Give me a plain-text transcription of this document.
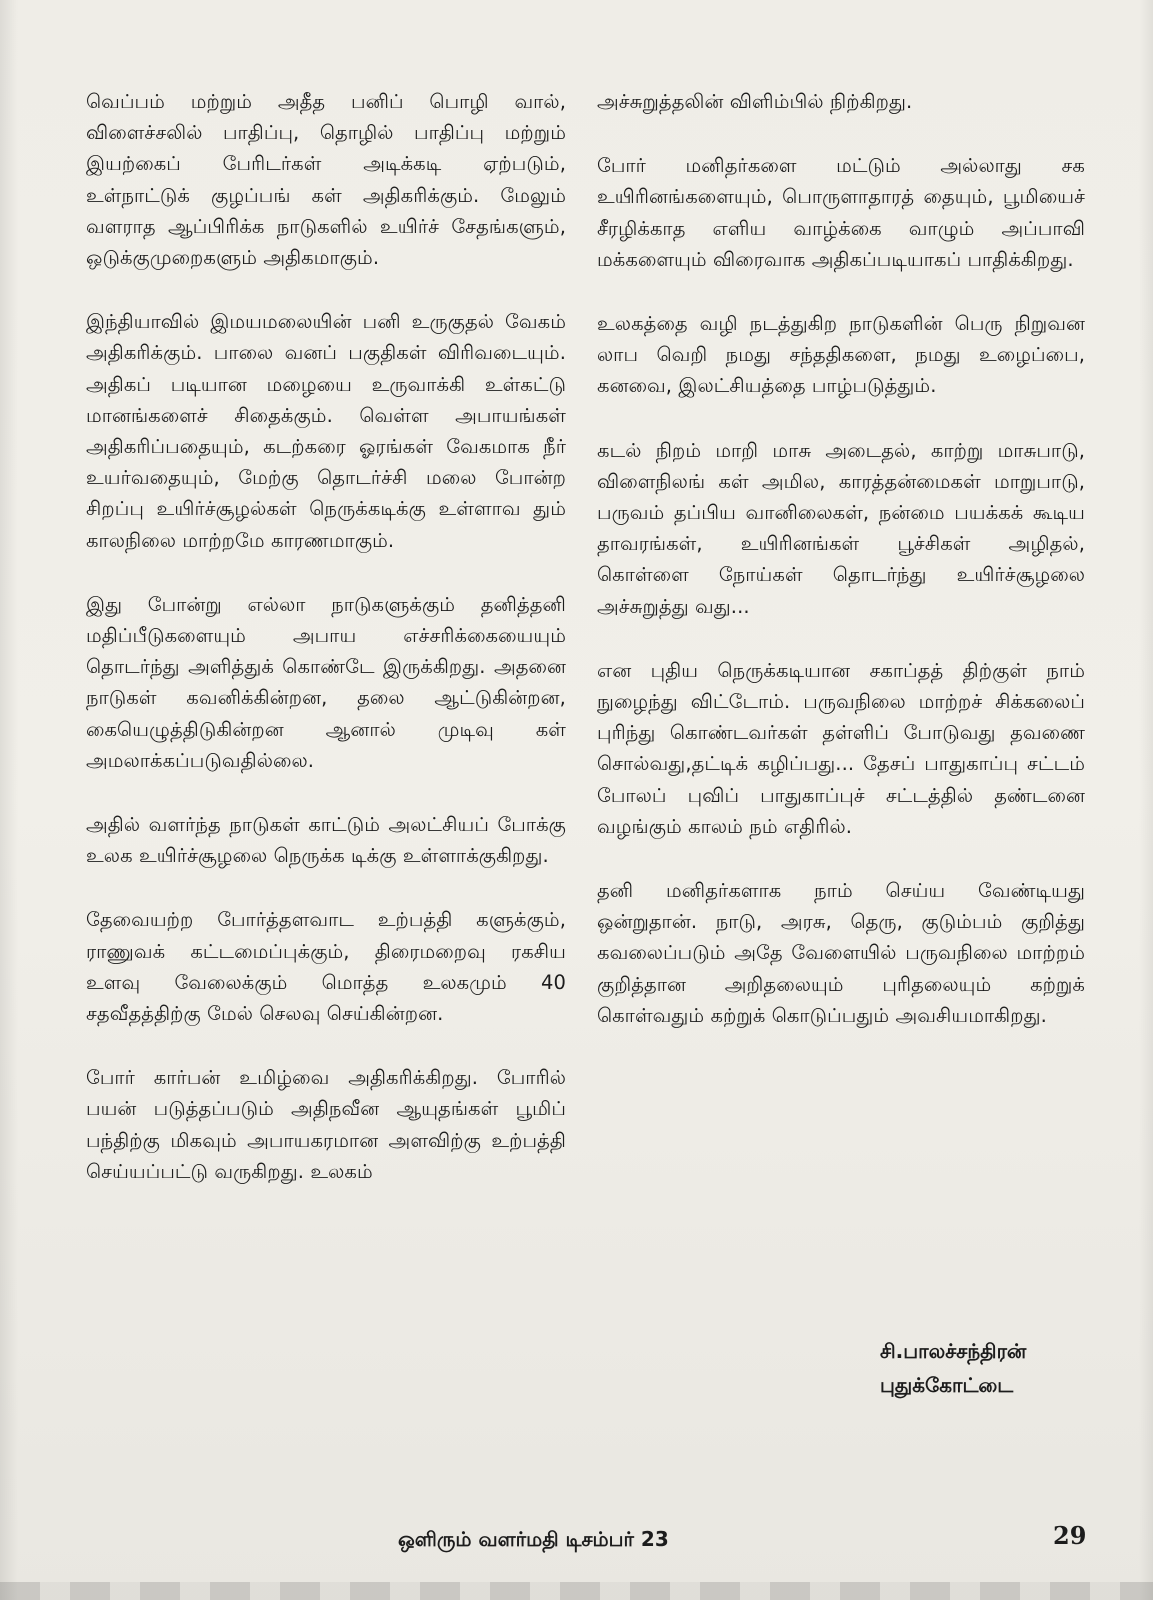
வெப்பம் மற்றும் அதீத பனிப் பொழி வால், விளைச்சலில் பாதிப்பு, தொழில் பாதிப்பு மற்றும் இயற்கைப் பேரிடர்கள் அடிக்கடி ஏற்படும், உள்நாட்டுக் குழப்பங் கள் அதிகரிக்கும். மேலும் வளராத ஆப்பிரிக்க நாடுகளில் உயிர்ச் சேதங்களும், ஒடுக்குமுறைகளும் அதிகமாகும்.

இந்தியாவில் இமயமலையின் பனி உருகுதல் வேகம் அதிகரிக்கும். பாலை வனப் பகுதிகள் விரிவடையும். அதிகப் படியான மழையை உருவாக்கி உள்கட்டு மானங்களைச் சிதைக்கும். வெள்ள அபாயங்கள் அதிகரிப்பதையும், கடற்கரை ஓரங்கள் வேகமாக நீர் உயர்வதையும், மேற்கு தொடர்ச்சி மலை போன்ற சிறப்பு உயிர்ச்சூழல்கள் நெருக்கடிக்கு உள்ளாவ தும் காலநிலை மாற்றமே காரணமாகும்.

இது போன்று எல்லா நாடுகளுக்கும் தனித்தனி மதிப்பீடுகளையும் அபாய எச்சரிக்கையையும் தொடர்ந்து அளித்துக் கொண்டே இருக்கிறது. அதனை நாடுகள் கவனிக்கின்றன, தலை ஆட்டுகின்றன, கையெழுத்திடுகின்றன ஆனால் முடிவு கள் அமலாக்கப்படுவதில்லை.

அதில் வளர்ந்த நாடுகள் காட்டும் அலட்சியப் போக்கு உலக உயிர்ச்சூழலை நெருக்க டிக்கு உள்ளாக்குகிறது.

தேவையற்ற போர்த்தளவாட உற்பத்தி களுக்கும், ராணுவக் கட்டமைப்புக்கும், திரைமறைவு ரகசிய உளவு வேலைக்கும் மொத்த உலகமும் 40 சதவீதத்திற்கு மேல் செலவு செய்கின்றன.

போர் கார்பன் உமிழ்வை அதிகரிக்கிறது. போரில் பயன் படுத்தப்படும் அதிநவீன ஆயுதங்கள் பூமிப் பந்திற்கு மிகவும் அபாயகரமான அளவிற்கு உற்பத்தி செய்யப்பட்டு வருகிறது. உலகம்

அச்சுறுத்தலின் விளிம்பில் நிற்கிறது.

போர் மனிதர்களை மட்டும் அல்லாது சக உயிரினங்களையும், பொருளாதாரத் தையும், பூமியைச் சீரழிக்காத எளிய வாழ்க்கை வாழும் அப்பாவி மக்களையும் விரைவாக அதிகப்படியாகப் பாதிக்கிறது.

உலகத்தை வழி நடத்துகிற நாடுகளின் பெரு நிறுவன லாப வெறி நமது சந்ததிகளை, நமது உழைப்பை, கனவை, இலட்சியத்தை பாழ்படுத்தும்.

கடல் நிறம் மாறி மாசு அடைதல், காற்று மாசுபாடு, விளைநிலங் கள் அமில, காரத்தன்மைகள் மாறுபாடு, பருவம் தப்பிய வானிலைகள், நன்மை பயக்கக் கூடிய தாவரங்கள், உயிரினங்கள் பூச்சிகள் அழிதல், கொள்ளை நோய்கள் தொடர்ந்து உயிர்ச்சூழலை அச்சுறுத்து வது...

என புதிய நெருக்கடியான சகாப்தத் திற்குள் நாம் நுழைந்து விட்டோம். பருவநிலை மாற்றச் சிக்கலைப் புரிந்து கொண்டவர்கள் தள்ளிப் போடுவது தவணை சொல்வது,தட்டிக் கழிப்பது... தேசப் பாதுகாப்பு சட்டம் போலப் புவிப் பாதுகாப்புச் சட்டத்தில் தண்டனை வழங்கும் காலம் நம் எதிரில்.

தனி மனிதர்களாக நாம் செய்ய வேண்டியது ஒன்றுதான். நாடு, அரசு, தெரு, குடும்பம் குறித்து கவலைப்படும் அதே வேளையில் பருவநிலை மாற்றம் குறித்தான அறிதலையும் புரிதலையும் கற்றுக் கொள்வதும் கற்றுக் கொடுப்பதும் அவசியமாகிறது.

சி.பாலச்சந்திரன்
புதுக்கோட்டை
ஒளிரும் வளர்மதி டிசம்பர் 23	29
